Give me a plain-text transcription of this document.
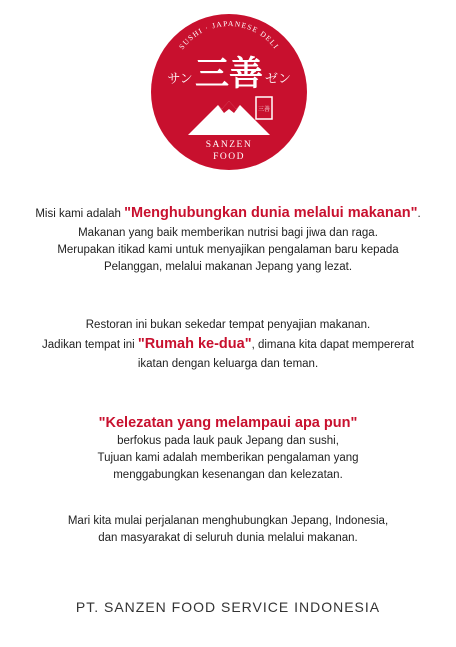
SUSHI · JAPANESE DELI
三善
サン	ゼン
三善
SANZEN
FOOD
Misi kami adalah "Menghubungkan dunia melalui makanan".
Makanan yang baik memberikan nutrisi bagi jiwa dan raga.
Merupakan itikad kami untuk menyajikan pengalaman baru kepada
Pelanggan, melalui makanan Jepang yang lezat.
Restoran ini bukan sekedar tempat penyajian makanan.
Jadikan tempat ini "Rumah ke-dua", dimana kita dapat mempererat
ikatan dengan keluarga dan teman.
"Kelezatan yang melampaui apa pun"
berfokus pada lauk pauk Jepang dan sushi,
Tujuan kami adalah memberikan pengalaman yang
menggabungkan kesenangan dan kelezatan.
Mari kita mulai perjalanan menghubungkan Jepang, Indonesia,
dan masyarakat di seluruh dunia melalui makanan.
PT. SANZEN FOOD SERVICE INDONESIA
